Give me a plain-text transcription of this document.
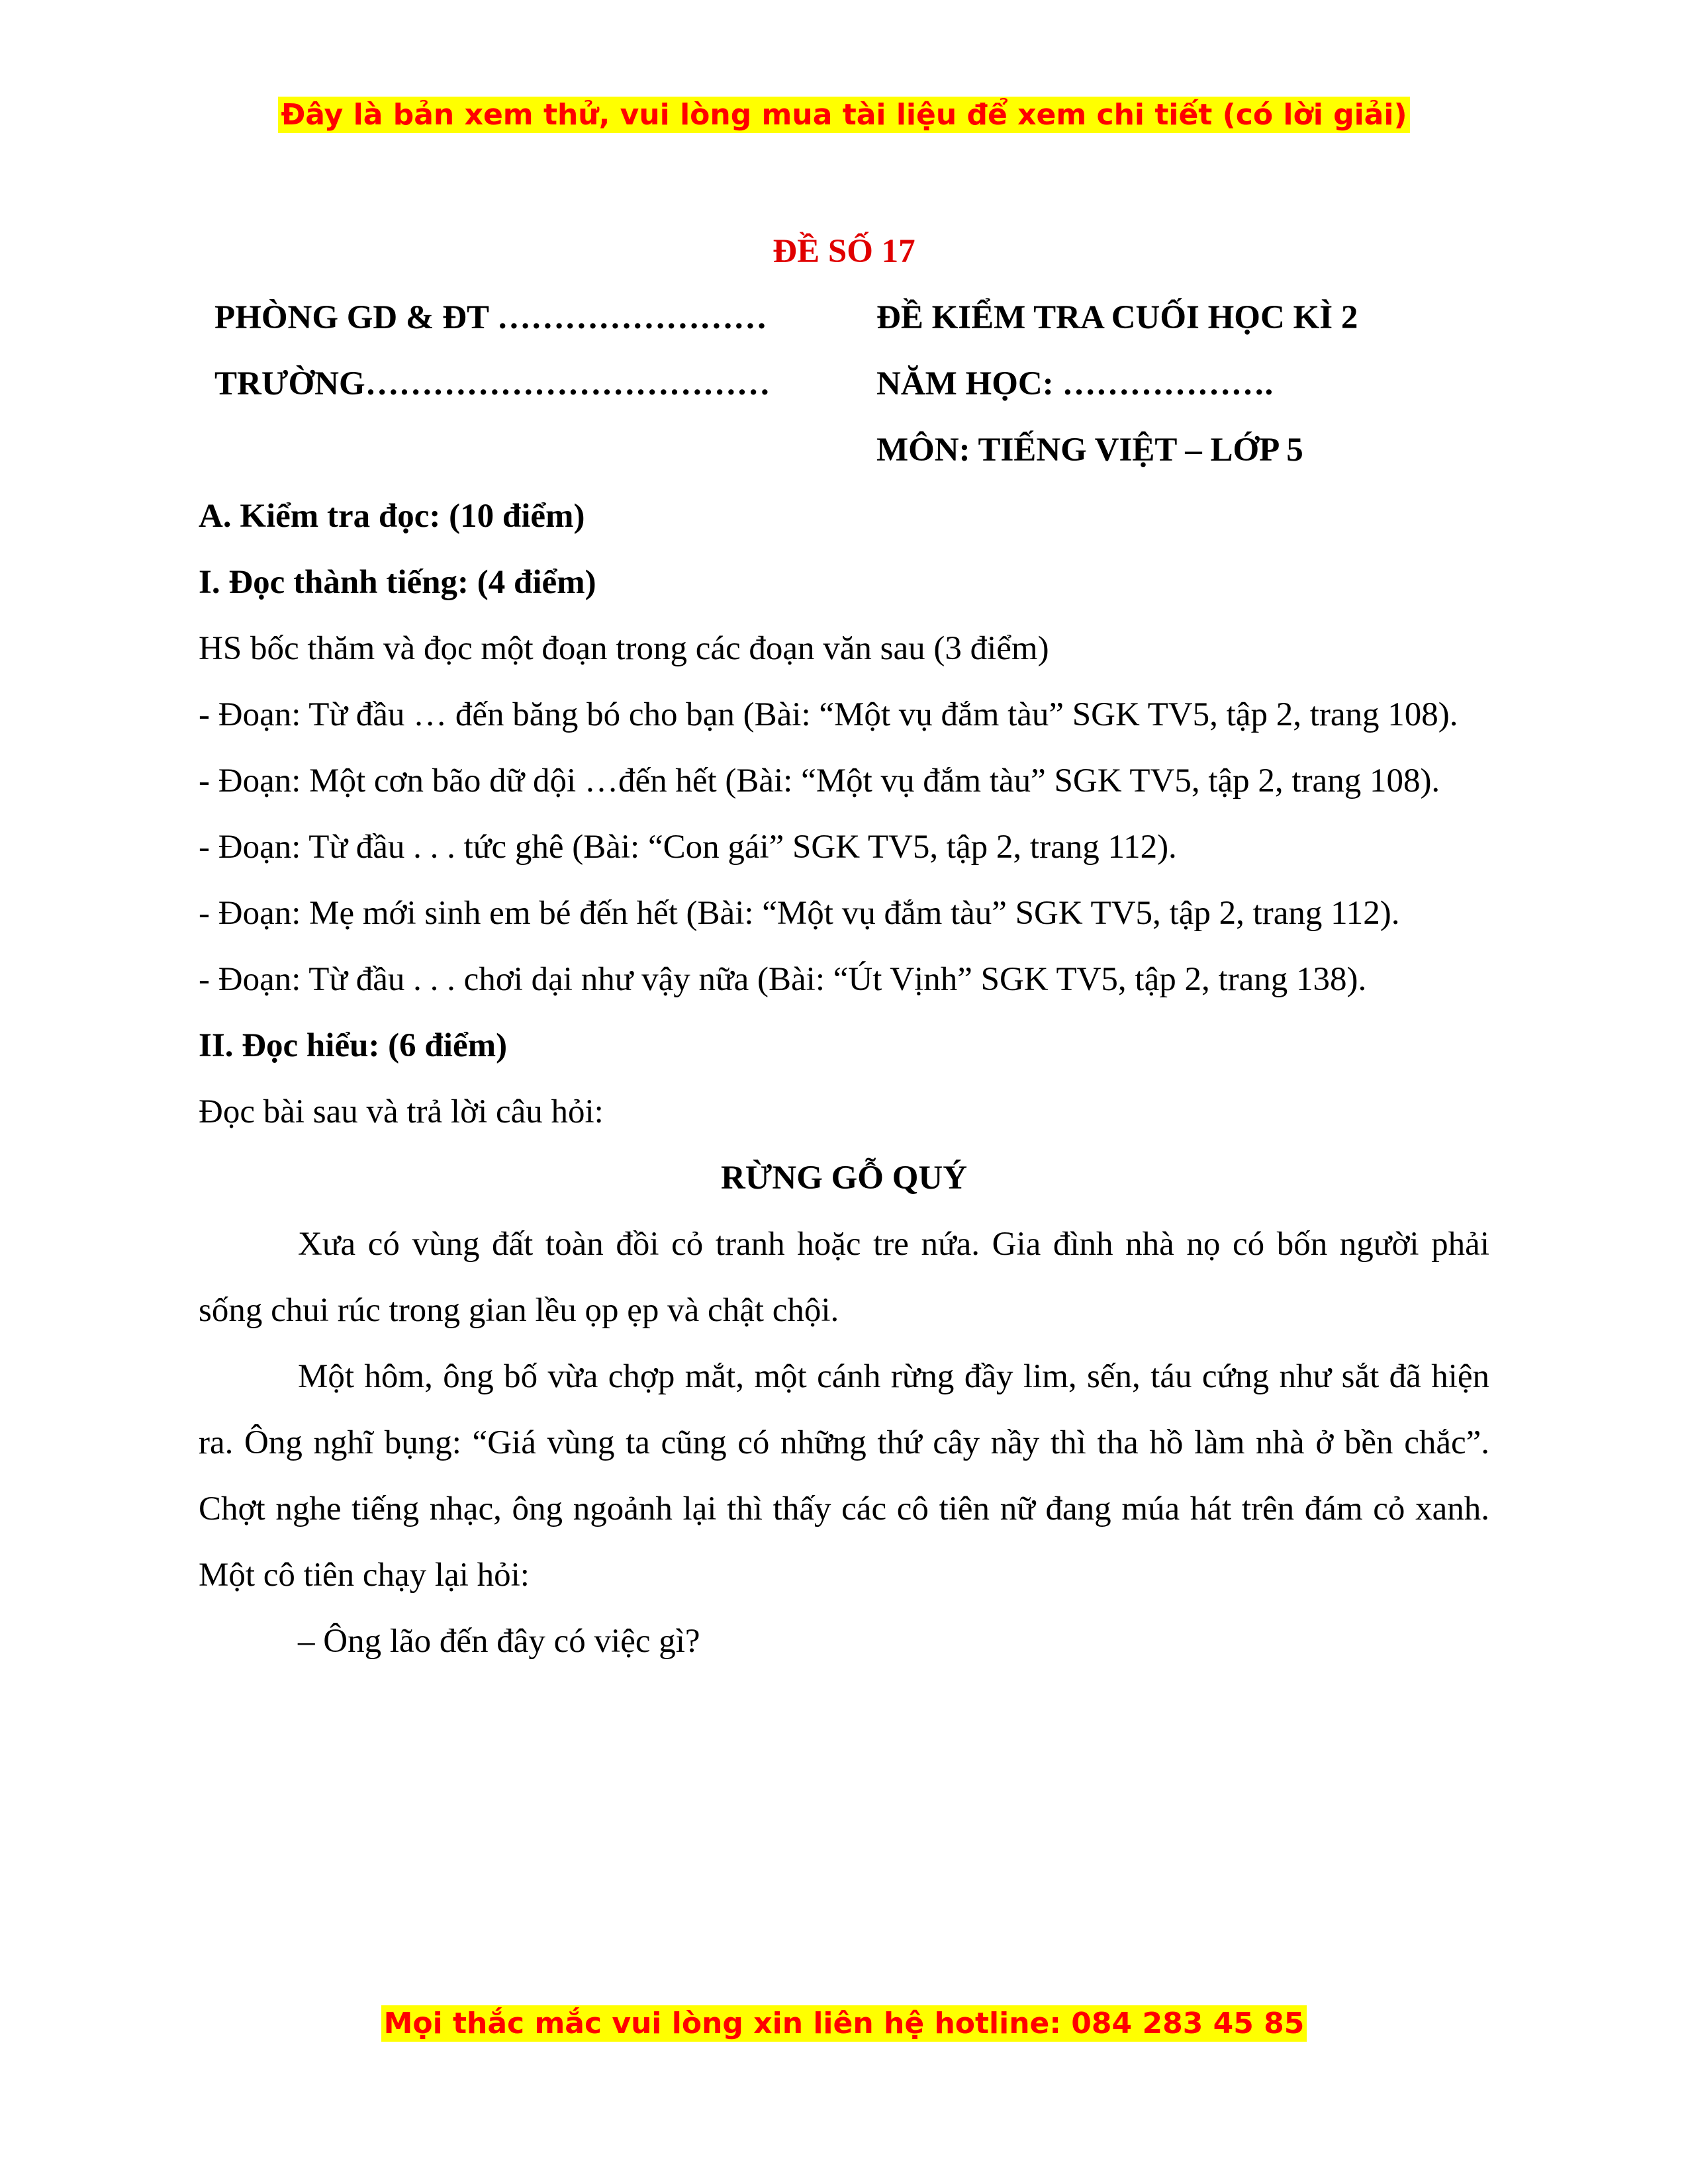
Đây là bản xem thử, vui lòng mua tài liệu để xem chi tiết (có lời giải)

ĐỀ SỐ 17

PHÒNG GD & ĐT ……………………	ĐỀ KIỂM TRA CUỐI HỌC KÌ 2
TRƯỜNG………………………………	NĂM HỌC: ……………….
MÔN: TIẾNG VIỆT – LỚP 5

A. Kiểm tra đọc: (10 điểm)

I. Đọc thành tiếng: (4 điểm)

HS bốc thăm và đọc một đoạn trong các đoạn văn sau (3 điểm)

- Đoạn: Từ đầu … đến băng bó cho bạn (Bài: “Một vụ đắm tàu” SGK TV5, tập 2, trang 108).

- Đoạn: Một cơn bão dữ dội …đến hết (Bài: “Một vụ đắm tàu” SGK TV5, tập 2, trang 108).

- Đoạn: Từ đầu . . . tức ghê (Bài: “Con gái” SGK TV5, tập 2, trang 112).

- Đoạn: Mẹ mới sinh em bé đến hết (Bài: “Một vụ đắm tàu” SGK TV5, tập 2, trang 112).

- Đoạn: Từ đầu . . . chơi dại như vậy nữa (Bài: “Út Vịnh” SGK TV5, tập 2, trang 138).

II. Đọc hiểu: (6 điểm)

Đọc bài sau và trả lời câu hỏi:

RỪNG GỖ QUÝ

Xưa có vùng đất toàn đồi cỏ tranh hoặc tre nứa. Gia đình nhà nọ có bốn người phải sống chui rúc trong gian lều ọp ẹp và chật chội.

Một hôm, ông bố vừa chợp mắt, một cánh rừng đầy lim, sến, táu cứng như sắt đã hiện ra. Ông nghĩ bụng: “Giá vùng ta cũng có những thứ cây nầy thì tha hồ làm nhà ở bền chắc”. Chợt nghe tiếng nhạc, ông ngoảnh lại thì thấy các cô tiên nữ đang múa hát trên đám cỏ xanh. Một cô tiên chạy lại hỏi:

– Ông lão đến đây có việc gì?

Mọi thắc mắc vui lòng xin liên hệ hotline: 084 283 45 85
